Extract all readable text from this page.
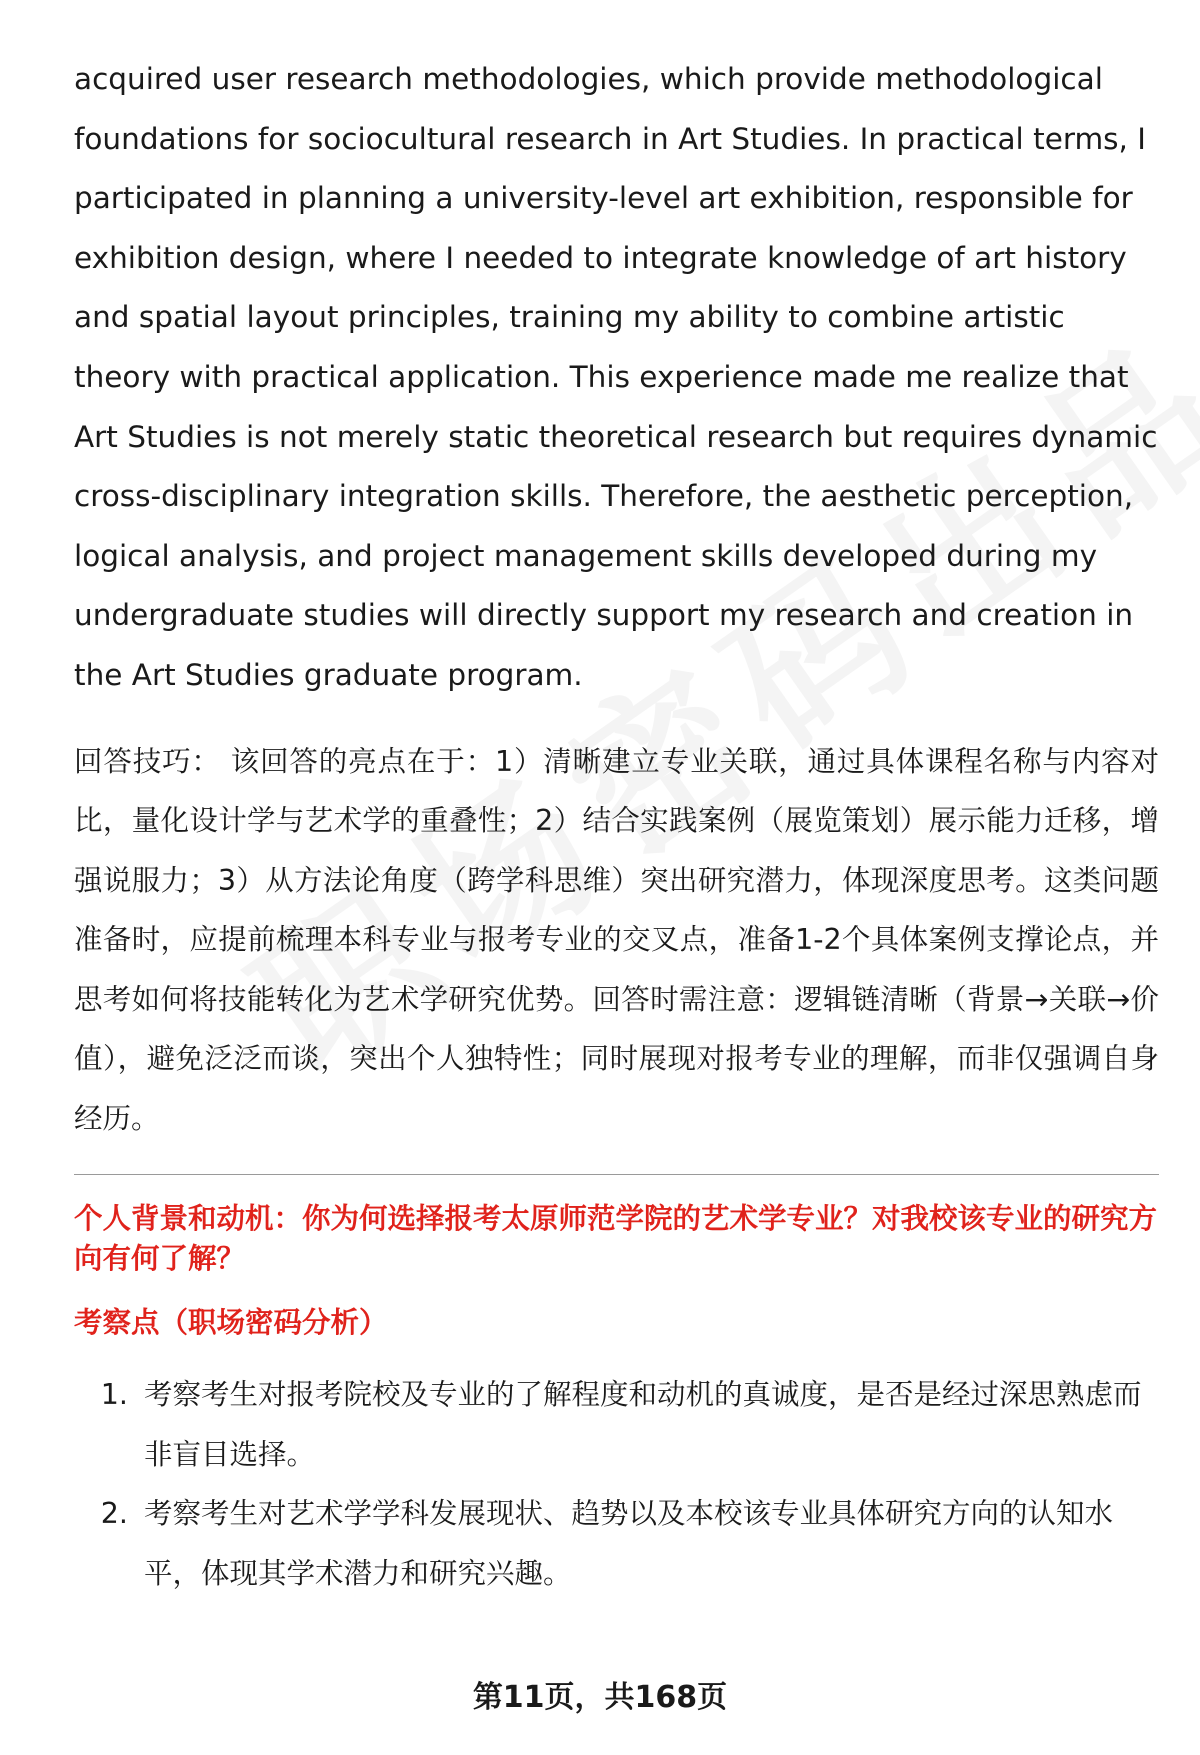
acquired user research methodologies, which provide methodological foundations for sociocultural research in Art Studies. In practical terms, I participated in planning a university-level art exhibition, responsible for exhibition design, where I needed to integrate knowledge of art history and spatial layout principles, training my ability to combine artistic theory with practical application. This experience made me realize that Art Studies is not merely static theoretical research but requires dynamic cross-disciplinary integration skills. Therefore, the aesthetic perception, logical analysis, and project management skills developed during my undergraduate studies will directly support my research and creation in the Art Studies graduate program.

回答技巧： 该回答的亮点在于：1）清晰建立专业关联，通过具体课程名称与内容对比，量化设计学与艺术学的重叠性；2）结合实践案例（展览策划）展示能力迁移，增强说服力；3）从方法论角度（跨学科思维）突出研究潜力，体现深度思考。这类问题准备时，应提前梳理本科专业与报考专业的交叉点，准备1-2个具体案例支撑论点，并思考如何将技能转化为艺术学研究优势。回答时需注意：逻辑链清晰（背景→关联→价值），避免泛泛而谈，突出个人独特性；同时展现对报考专业的理解，而非仅强调自身经历。

个人背景和动机：你为何选择报考太原师范学院的艺术学专业？对我校该专业的研究方向有何了解？
考察点（职场密码分析）
1. 考察考生对报考院校及专业的了解程度和动机的真诚度，是否是经过深思熟虑而非盲目选择。
2. 考察考生对艺术学学科发展现状、趋势以及本校该专业具体研究方向的认知水平，体现其学术潜力和研究兴趣。
第11页，共168页
